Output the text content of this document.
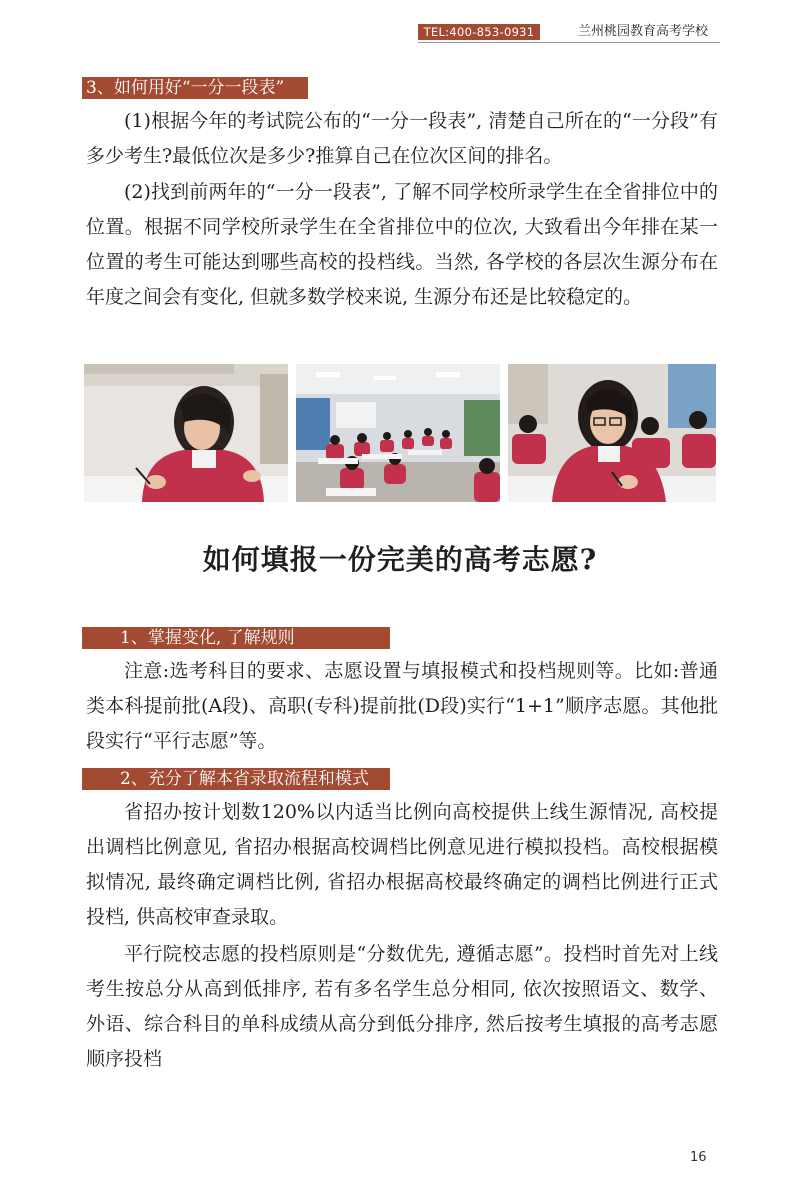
TEL:400-853-0931	兰州桃园教育高考学校
3、如何用好“一分一段表”

(1)根据今年的考试院公布的“一分一段表”, 清楚自己所在的“一分段”有多少考生?最低位次是多少?推算自己在位次区间的排名。

(2)找到前两年的“一分一段表”, 了解不同学校所录学生在全省排位中的位置。根据不同学校所录学生在全省排位中的位次, 大致看出今年排在某一位置的考生可能达到哪些高校的投档线。当然, 各学校的各层次生源分布在年度之间会有变化, 但就多数学校来说, 生源分布还是比较稳定的。

如何填报一份完美的高考志愿?
1、掌握变化, 了解规则

注意:选考科目的要求、志愿设置与填报模式和投档规则等。比如:普通类本科提前批(A段)、高职(专科)提前批(D段)实行“1+1”顺序志愿。其他批段实行“平行志愿”等。

2、充分了解本省录取流程和模式

省招办按计划数120%以内适当比例向高校提供上线生源情况, 高校提出调档比例意见, 省招办根据高校调档比例意见进行模拟投档。高校根据模拟情况, 最终确定调档比例, 省招办根据高校最终确定的调档比例进行正式投档, 供高校审查录取。

平行院校志愿的投档原则是“分数优先, 遵循志愿”。投档时首先对上线考生按总分从高到低排序, 若有多名学生总分相同, 依次按照语文、数学、外语、综合科目的单科成绩从高分到低分排序, 然后按考生填报的高考志愿顺序投档

16
